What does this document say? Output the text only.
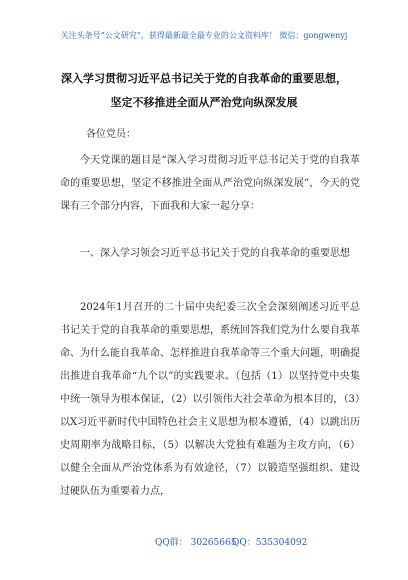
关注头条号“公文研究”，获得最新最全最专业的公文资料库！ 微信：gongwenyj
深入学习贯彻习近平总书记关于党的自我革命的重要思想，
坚定不移推进全面从严治党向纵深发展
各位党员：

今天党课的题目是“深入学习贯彻习近平总书记关于党的自我革命的重要思想，坚定不移推进全面从严治党向纵深发展”，今天的党课有三个部分内容，下面我和大家一起分享：

一、深入学习领会习近平总书记关于党的自我革命的重要思想

2024年1月召开的二十届中央纪委三次全会深刻阐述习近平总书记关于党的自我革命的重要思想，系统回答我们党为什么要自我革命、为什么能自我革命、怎样推进自我革命等三个重大问题，明确提出推进自我革命“九个以”的实践要求。（包括（1）以坚持党中央集中统一领导为根本保证，（2）以引领伟大社会革命为根本目的，（3）以X习近平新时代中国特色社会主义思想为根本遵循，（4）以跳出历史周期率为战略目标，（5）以解决大党独有难题为主攻方向，（6）以健全全面从严治党体系为有效途径，（7）以锻造坚强组织、建设过硬队伍为重要着力点，

QQ群： 30265665
QQ：535304092
